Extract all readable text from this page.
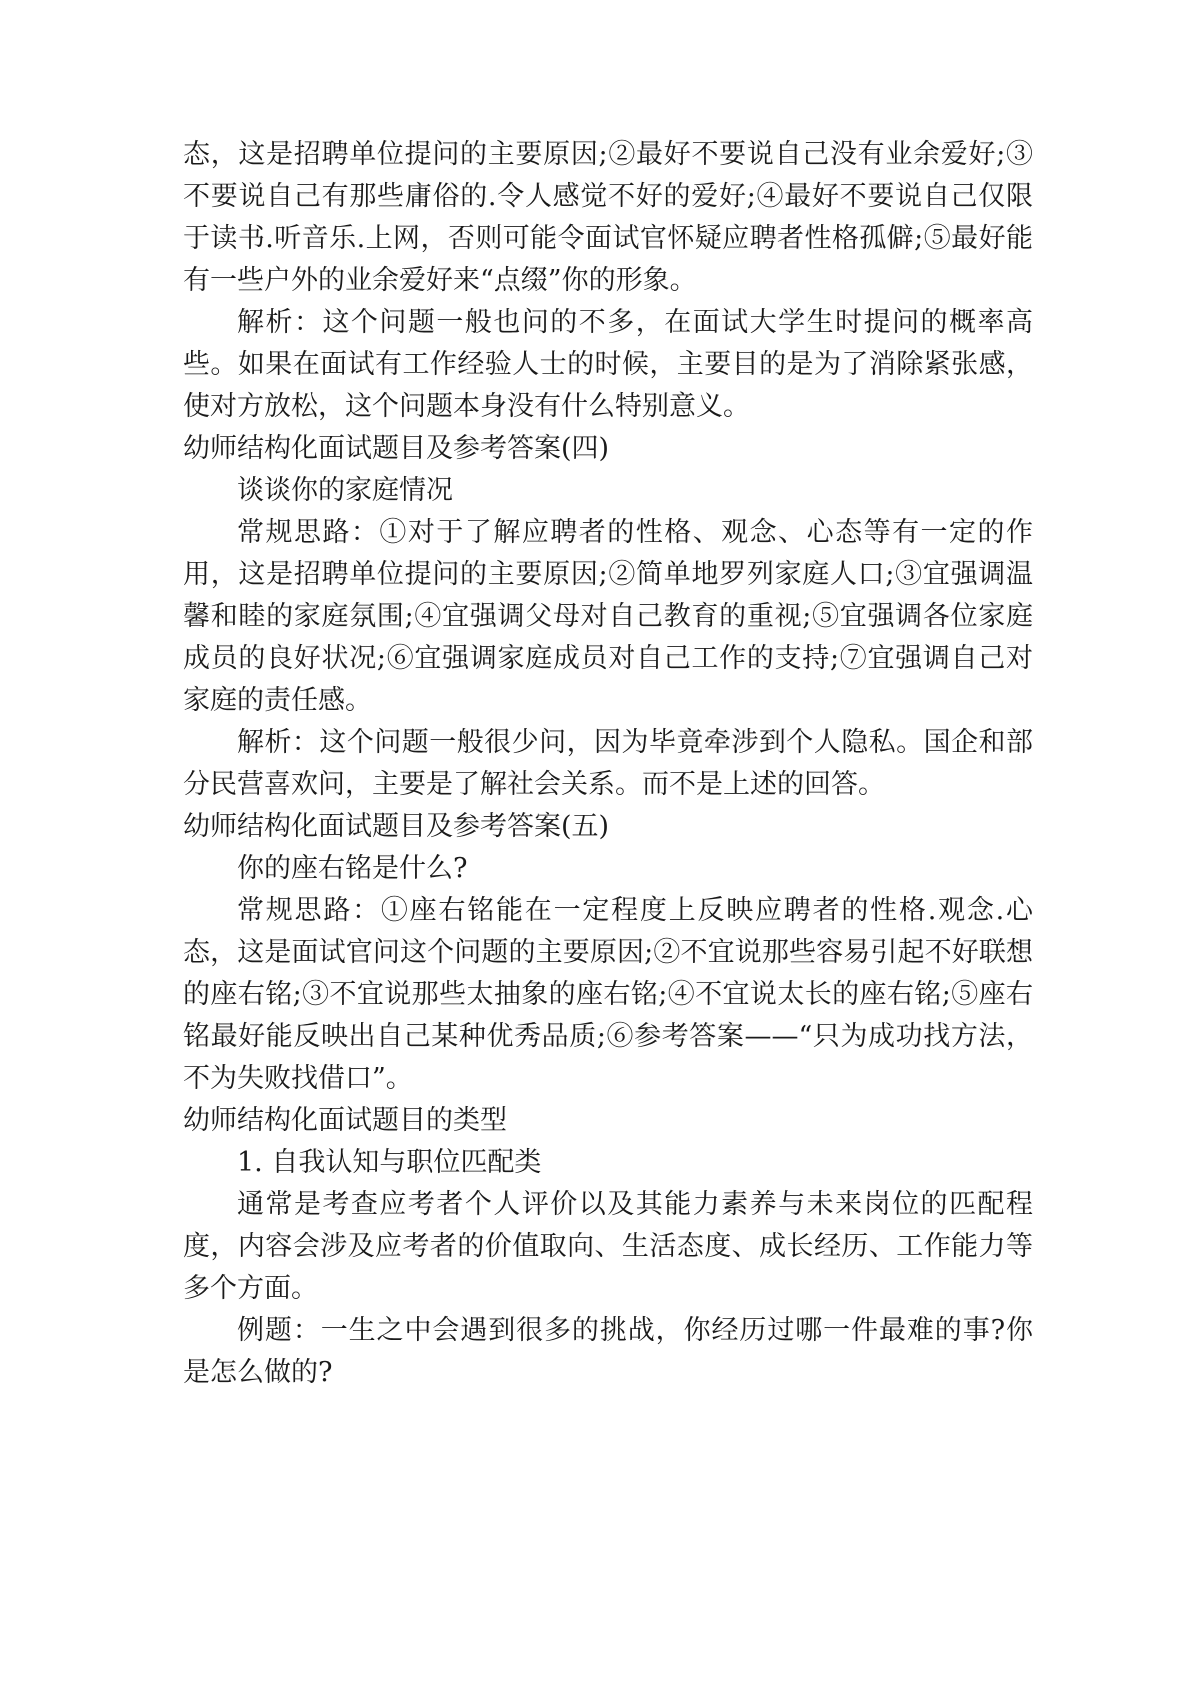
态，这是招聘单位提问的主要原因;②最好不要说自己没有业余爱好;③不要说自己有那些庸俗的.令人感觉不好的爱好;④最好不要说自己仅限于读书.听音乐.上网，否则可能令面试官怀疑应聘者性格孤僻;⑤最好能有一些户外的业余爱好来“点缀”你的形象。

解析：这个问题一般也问的不多，在面试大学生时提问的概率高些。如果在面试有工作经验人士的时候，主要目的是为了消除紧张感，使对方放松，这个问题本身没有什么特别意义。

幼师结构化面试题目及参考答案(四)

谈谈你的家庭情况

常规思路：①对于了解应聘者的性格、观念、心态等有一定的作用，这是招聘单位提问的主要原因;②简单地罗列家庭人口;③宜强调温馨和睦的家庭氛围;④宜强调父母对自己教育的重视;⑤宜强调各位家庭成员的良好状况;⑥宜强调家庭成员对自己工作的支持;⑦宜强调自己对家庭的责任感。

解析：这个问题一般很少问，因为毕竟牵涉到个人隐私。国企和部分民营喜欢问，主要是了解社会关系。而不是上述的回答。

幼师结构化面试题目及参考答案(五)

你的座右铭是什么?

常规思路：①座右铭能在一定程度上反映应聘者的性格.观念.心态，这是面试官问这个问题的主要原因;②不宜说那些容易引起不好联想的座右铭;③不宜说那些太抽象的座右铭;④不宜说太长的座右铭;⑤座右铭最好能反映出自己某种优秀品质;⑥参考答案——“只为成功找方法，不为失败找借口”。

幼师结构化面试题目的类型

1. 自我认知与职位匹配类

通常是考查应考者个人评价以及其能力素养与未来岗位的匹配程度，内容会涉及应考者的价值取向、生活态度、成长经历、工作能力等多个方面。

例题：一生之中会遇到很多的挑战，你经历过哪一件最难的事?你是怎么做的?
